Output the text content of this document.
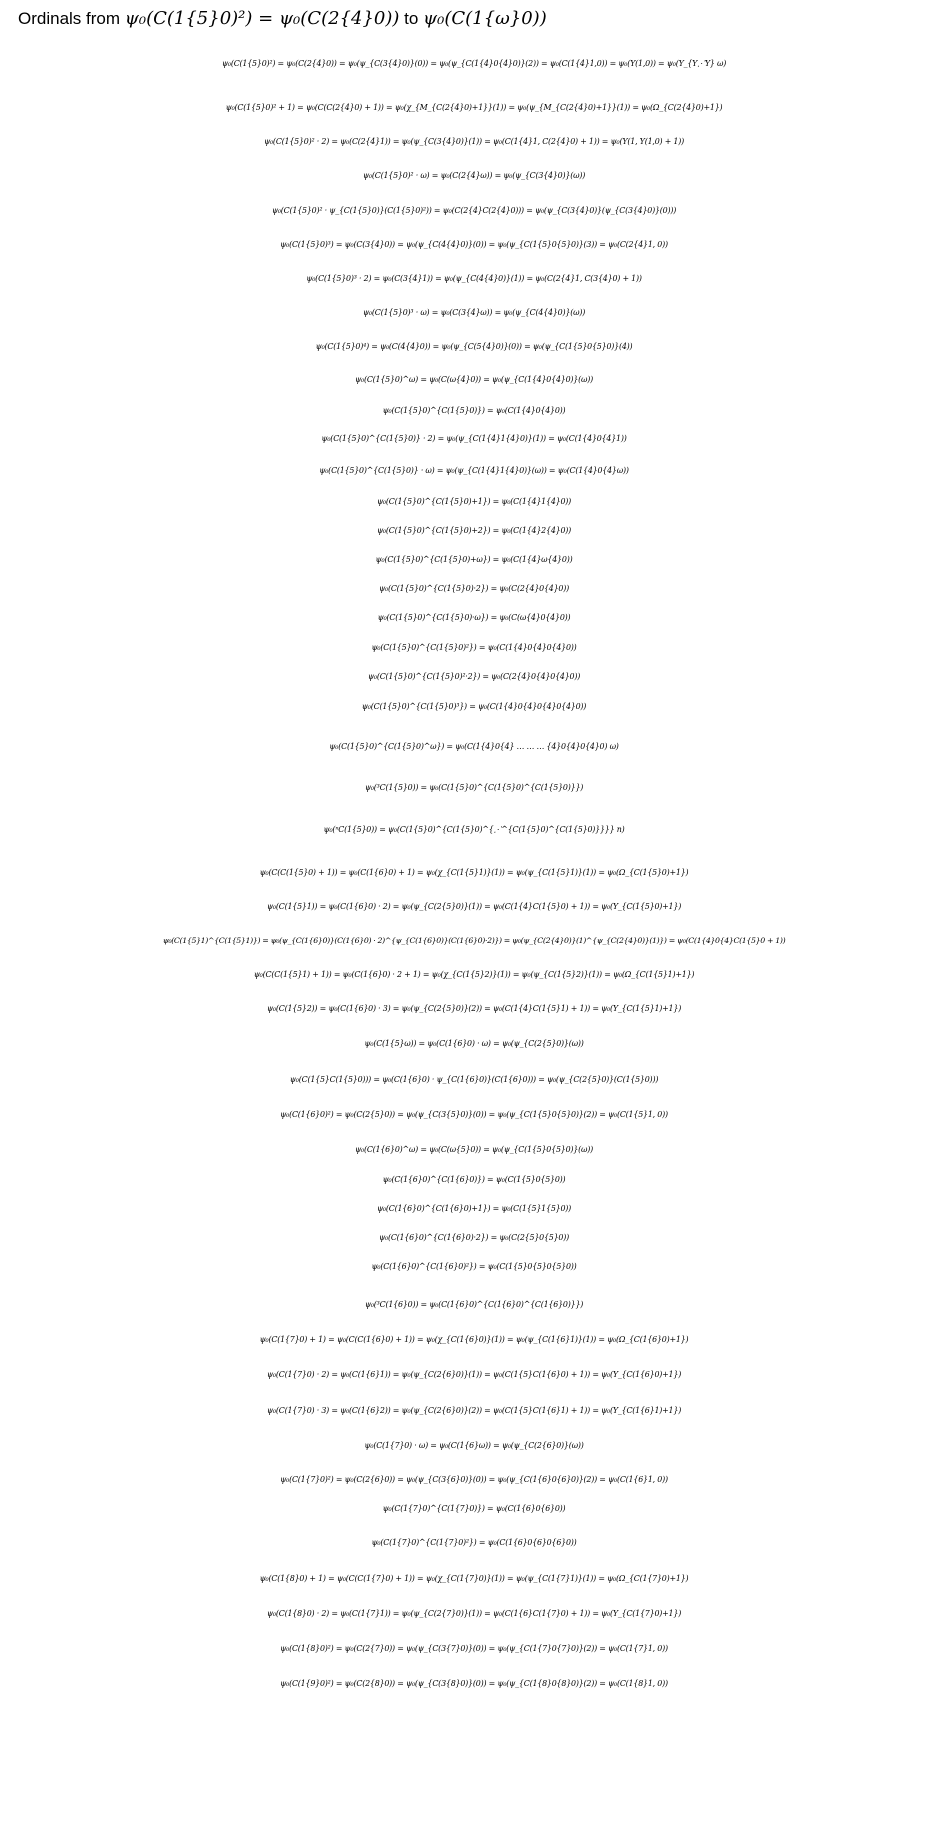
Ordinals from ψ₀(C(1{5}0)²) = ψ₀(C(2{4}0)) to ψ₀(C(1{ω}0))
ψ₀(C(1{5}0)²) = ψ₀(C(2{4}0)) = ψ₀(ψ_{C(3{4}0)}(0)) = ψ₀(ψ_{C(1{4}0{4}0)}(2)) = ψ₀(C(1{4}1,0)) = ψ₀(Υ(1,0)) = ψ₀(Υ_{Υ⋰Υ} ω)
ψ₀(C(1{5}0)² + 1) = ψ₀(C(C(2{4}0) + 1)) = ψ₀(χ_{M_{C(2{4}0)+1}}(1)) = ψ₀(ψ_{M_{C(2{4}0)+1}}(1)) = ψ₀(Ω_{C(2{4}0)+1})
ψ₀(C(1{5}0)² · 2) = ψ₀(C(2{4}1)) = ψ₀(ψ_{C(3{4}0)}(1)) = ψ₀(C(1{4}1, C(2{4}0) + 1)) = ψ₀(Υ(1, Υ(1,0) + 1))
ψ₀(C(1{5}0)² · ω) = ψ₀(C(2{4}ω)) = ψ₀(ψ_{C(3{4}0)}(ω))
ψ₀(C(1{5}0)² · ψ_{C(1{5}0)}(C(1{5}0)²)) = ψ₀(C(2{4}C(2{4}0))) = ψ₀(ψ_{C(3{4}0)}(ψ_{C(3{4}0)}(0)))
ψ₀(C(1{5}0)³) = ψ₀(C(3{4}0)) = ψ₀(ψ_{C(4{4}0)}(0)) = ψ₀(ψ_{C(1{5}0{5}0)}(3)) = ψ₀(C(2{4}1, 0))
ψ₀(C(1{5}0)³ · 2) = ψ₀(C(3{4}1)) = ψ₀(ψ_{C(4{4}0)}(1)) = ψ₀(C(2{4}1, C(3{4}0) + 1))
ψ₀(C(1{5}0)³ · ω) = ψ₀(C(3{4}ω)) = ψ₀(ψ_{C(4{4}0)}(ω))
ψ₀(C(1{5}0)⁴) = ψ₀(C(4{4}0)) = ψ₀(ψ_{C(5{4}0)}(0)) = ψ₀(ψ_{C(1{5}0{5}0)}(4))
ψ₀(C(1{5}0)^ω) = ψ₀(C(ω{4}0)) = ψ₀(ψ_{C(1{4}0{4}0)}(ω))
ψ₀(C(1{5}0)^{C(1{5}0)}) = ψ₀(C(1{4}0{4}0))
ψ₀(C(1{5}0)^{C(1{5}0)} · 2) = ψ₀(ψ_{C(1{4}1{4}0)}(1)) = ψ₀(C(1{4}0{4}1))
ψ₀(C(1{5}0)^{C(1{5}0)} · ω) = ψ₀(ψ_{C(1{4}1{4}0)}(ω)) = ψ₀(C(1{4}0{4}ω))
ψ₀(C(1{5}0)^{C(1{5}0)+1}) = ψ₀(C(1{4}1{4}0))
ψ₀(C(1{5}0)^{C(1{5}0)+2}) = ψ₀(C(1{4}2{4}0))
ψ₀(C(1{5}0)^{C(1{5}0)+ω}) = ψ₀(C(1{4}ω{4}0))
ψ₀(C(1{5}0)^{C(1{5}0)·2}) = ψ₀(C(2{4}0{4}0))
ψ₀(C(1{5}0)^{C(1{5}0)·ω}) = ψ₀(C(ω{4}0{4}0))
ψ₀(C(1{5}0)^{C(1{5}0)²}) = ψ₀(C(1{4}0{4}0{4}0))
ψ₀(C(1{5}0)^{C(1{5}0)²·2}) = ψ₀(C(2{4}0{4}0{4}0))
ψ₀(C(1{5}0)^{C(1{5}0)³}) = ψ₀(C(1{4}0{4}0{4}0{4}0))
ψ₀(C(1{5}0)^{C(1{5}0)^ω}) = ψ₀(C(1{4}0{4} … … … {4}0{4}0{4}0) ω)
ψ₀(³C(1{5}0)) = ψ₀(C(1{5}0)^{C(1{5}0)^{C(1{5}0)}})
ψ₀(ⁿC(1{5}0)) = ψ₀(C(1{5}0)^{C(1{5}0)^{⋰^{C(1{5}0)^{C(1{5}0)}}}} n)
ψ₀(C(C(1{5}0) + 1)) = ψ₀(C(1{6}0) + 1) = ψ₀(χ_{C(1{5}1)}(1)) = ψ₀(ψ_{C(1{5}1)}(1)) = ψ₀(Ω_{C(1{5}0)+1})
ψ₀(C(1{5}1)) = ψ₀(C(1{6}0) · 2) = ψ₀(ψ_{C(2{5}0)}(1)) = ψ₀(C(1{4}C(1{5}0) + 1)) = ψ₀(Υ_{C(1{5}0)+1})
ψ₀(C(1{5}1)^{C(1{5}1)}) = ψ₀(ψ_{C(1{6}0)}(C(1{6}0) · 2)^{ψ_{C(1{6}0)}(C(1{6}0)·2)}) = ψ₀(ψ_{C(2{4}0)}(1)^{ψ_{C(2{4}0)}(1)}) = ψ₀(C(1{4}0{4}C(1{5}0 + 1))
ψ₀(C(C(1{5}1) + 1)) = ψ₀(C(1{6}0) · 2 + 1) = ψ₀(χ_{C(1{5}2)}(1)) = ψ₀(ψ_{C(1{5}2)}(1)) = ψ₀(Ω_{C(1{5}1)+1})
ψ₀(C(1{5}2)) = ψ₀(C(1{6}0) · 3) = ψ₀(ψ_{C(2{5}0)}(2)) = ψ₀(C(1{4}C(1{5}1) + 1)) = ψ₀(Υ_{C(1{5}1)+1})
ψ₀(C(1{5}ω)) = ψ₀(C(1{6}0) · ω) = ψ₀(ψ_{C(2{5}0)}(ω))
ψ₀(C(1{5}C(1{5}0))) = ψ₀(C(1{6}0) · ψ_{C(1{6}0)}(C(1{6}0))) = ψ₀(ψ_{C(2{5}0)}(C(1{5}0)))
ψ₀(C(1{6}0)²) = ψ₀(C(2{5}0)) = ψ₀(ψ_{C(3{5}0)}(0)) = ψ₀(ψ_{C(1{5}0{5}0)}(2)) = ψ₀(C(1{5}1, 0))
ψ₀(C(1{6}0)^ω) = ψ₀(C(ω{5}0)) = ψ₀(ψ_{C(1{5}0{5}0)}(ω))
ψ₀(C(1{6}0)^{C(1{6}0)}) = ψ₀(C(1{5}0{5}0))
ψ₀(C(1{6}0)^{C(1{6}0)+1}) = ψ₀(C(1{5}1{5}0))
ψ₀(C(1{6}0)^{C(1{6}0)·2}) = ψ₀(C(2{5}0{5}0))
ψ₀(C(1{6}0)^{C(1{6}0)²}) = ψ₀(C(1{5}0{5}0{5}0))
ψ₀(³C(1{6}0)) = ψ₀(C(1{6}0)^{C(1{6}0)^{C(1{6}0)}})
ψ₀(C(1{7}0) + 1) = ψ₀(C(C(1{6}0) + 1)) = ψ₀(χ_{C(1{6}0)}(1)) = ψ₀(ψ_{C(1{6}1)}(1)) = ψ₀(Ω_{C(1{6}0)+1})
ψ₀(C(1{7}0) · 2) = ψ₀(C(1{6}1)) = ψ₀(ψ_{C(2{6}0)}(1)) = ψ₀(C(1{5}C(1{6}0) + 1)) = ψ₀(Υ_{C(1{6}0)+1})
ψ₀(C(1{7}0) · 3) = ψ₀(C(1{6}2)) = ψ₀(ψ_{C(2{6}0)}(2)) = ψ₀(C(1{5}C(1{6}1) + 1)) = ψ₀(Υ_{C(1{6}1)+1})
ψ₀(C(1{7}0) · ω) = ψ₀(C(1{6}ω)) = ψ₀(ψ_{C(2{6}0)}(ω))
ψ₀(C(1{7}0)²) = ψ₀(C(2{6}0)) = ψ₀(ψ_{C(3{6}0)}(0)) = ψ₀(ψ_{C(1{6}0{6}0)}(2)) = ψ₀(C(1{6}1, 0))
ψ₀(C(1{7}0)^{C(1{7}0)}) = ψ₀(C(1{6}0{6}0))
ψ₀(C(1{7}0)^{C(1{7}0)²}) = ψ₀(C(1{6}0{6}0{6}0))
ψ₀(C(1{8}0) + 1) = ψ₀(C(C(1{7}0) + 1)) = ψ₀(χ_{C(1{7}0)}(1)) = ψ₀(ψ_{C(1{7}1)}(1)) = ψ₀(Ω_{C(1{7}0)+1})
ψ₀(C(1{8}0) · 2) = ψ₀(C(1{7}1)) = ψ₀(ψ_{C(2{7}0)}(1)) = ψ₀(C(1{6}C(1{7}0) + 1)) = ψ₀(Υ_{C(1{7}0)+1})
ψ₀(C(1{8}0)²) = ψ₀(C(2{7}0)) = ψ₀(ψ_{C(3{7}0)}(0)) = ψ₀(ψ_{C(1{7}0{7}0)}(2)) = ψ₀(C(1{7}1, 0))
ψ₀(C(1{9}0)²) = ψ₀(C(2{8}0)) = ψ₀(ψ_{C(3{8}0)}(0)) = ψ₀(ψ_{C(1{8}0{8}0)}(2)) = ψ₀(C(1{8}1, 0))
